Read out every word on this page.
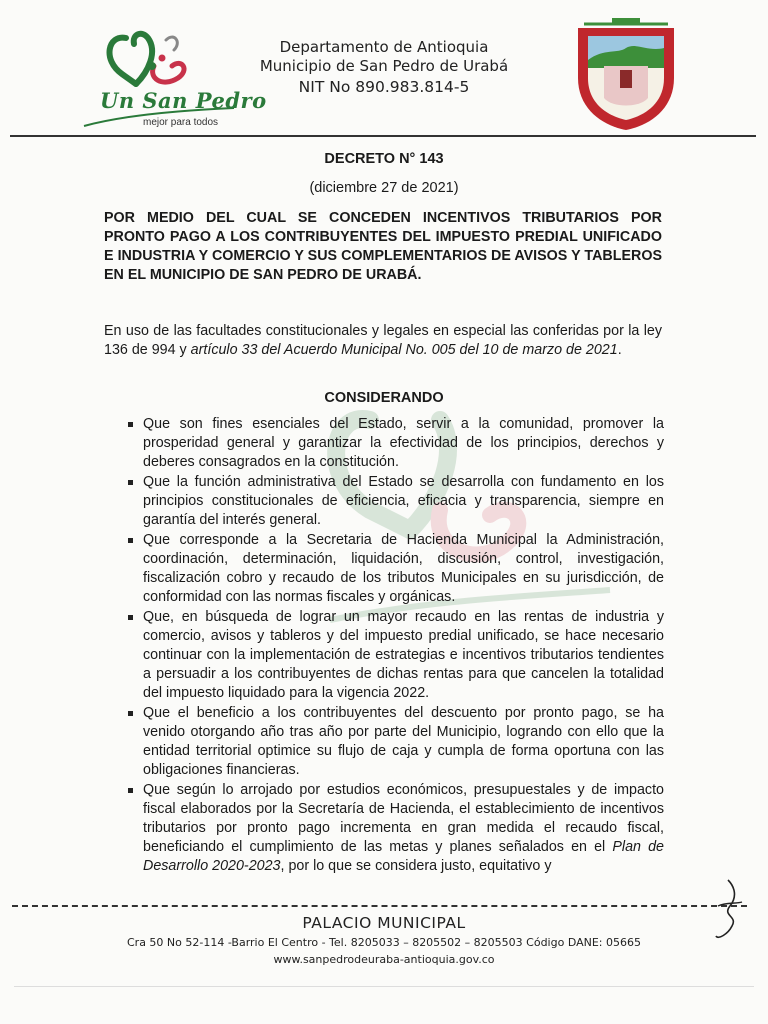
Un San Pedro
mejor para todos
Departamento de Antioquia
Municipio de San Pedro de Urabá
NIT No 890.983.814-5
DECRETO N° 143
(diciembre 27 de 2021)
POR MEDIO DEL CUAL SE CONCEDEN INCENTIVOS TRIBUTARIOS POR PRONTO PAGO A LOS CONTRIBUYENTES DEL IMPUESTO PREDIAL UNIFICADO E INDUSTRIA Y COMERCIO Y SUS COMPLEMENTARIOS DE AVISOS Y TABLEROS EN EL MUNICIPIO DE SAN PEDRO DE URABÁ.
En uso de las facultades constitucionales y legales en especial las conferidas por la ley 136 de 994 y artículo 33 del Acuerdo Municipal No. 005 del 10 de marzo de 2021.
CONSIDERANDO
Que son fines esenciales del Estado, servir a la comunidad, promover la prosperidad general y garantizar la efectividad de los principios, derechos y deberes consagrados en la constitución.
Que la función administrativa del Estado se desarrolla con fundamento en los principios constitucionales de eficiencia, eficacia y transparencia, siempre en garantía del interés general.
Que corresponde a la Secretaria de Hacienda Municipal la Administración, coordinación, determinación, liquidación, discusión, control, investigación, fiscalización cobro y recaudo de los tributos Municipales en su jurisdicción, de conformidad con las normas fiscales y orgánicas.
Que, en búsqueda de lograr un mayor recaudo en las rentas de industria y comercio, avisos y tableros y del impuesto predial unificado, se hace necesario continuar con la implementación de estrategias e incentivos tributarios tendientes a persuadir a los contribuyentes de dichas rentas para que cancelen la totalidad del impuesto liquidado para la vigencia 2022.
Que el beneficio a los contribuyentes del descuento por pronto pago, se ha venido otorgando año tras año por parte del Municipio, logrando con ello que la entidad territorial optimice su flujo de caja y cumpla de forma oportuna con las obligaciones financieras.
Que según lo arrojado por estudios económicos, presupuestales y de impacto fiscal elaborados por la Secretaría de Hacienda, el establecimiento de incentivos tributarios por pronto pago incrementa en gran medida el recaudo fiscal, beneficiando el cumplimiento de las metas y planes señalados en el Plan de Desarrollo 2020-2023, por lo que se considera justo, equitativo y
PALACIO MUNICIPAL
Cra 50 No 52-114 -Barrio El Centro - Tel. 8205033 – 8205502 – 8205503 Código DANE: 05665
www.sanpedrodeuraba-antioquia.gov.co
